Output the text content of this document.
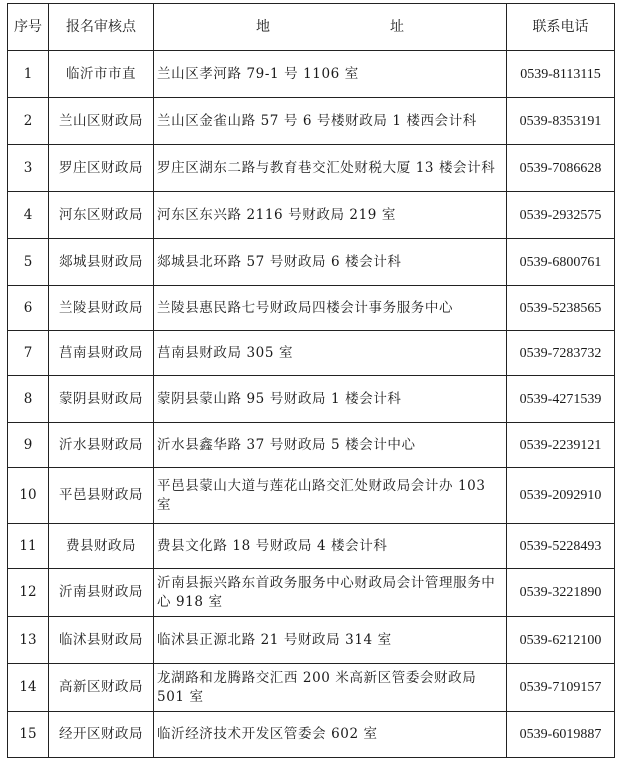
序号	报名审核点	地 址	联系电话
1	临沂市市直	兰山区孝河路 79-1 号 1106 室	0539-8113115
2	兰山区财政局	兰山区金雀山路 57 号 6 号楼财政局 1 楼西会计科	0539-8353191
3	罗庄区财政局	罗庄区湖东二路与教育巷交汇处财税大厦 13 楼会计科	0539-7086628
4	河东区财政局	河东区东兴路 2116 号财政局 219 室	0539-2932575
5	郯城县财政局	郯城县北环路 57 号财政局 6 楼会计科	0539-6800761
6	兰陵县财政局	兰陵县惠民路七号财政局四楼会计事务服务中心	0539-5238565
7	莒南县财政局	莒南县财政局 305 室	0539-7283732
8	蒙阴县财政局	蒙阴县蒙山路 95 号财政局 1 楼会计科	0539-4271539
9	沂水县财政局	沂水县鑫华路 37 号财政局 5 楼会计中心	0539-2239121
10	平邑县财政局	平邑县蒙山大道与莲花山路交汇处财政局会计办 103 室	0539-2092910
11	费县财政局	费县文化路 18 号财政局 4 楼会计科	0539-5228493
12	沂南县财政局	沂南县振兴路东首政务服务中心财政局会计管理服务中心 918 室	0539-3221890
13	临沭县财政局	临沭县正源北路 21 号财政局 314 室	0539-6212100
14	高新区财政局	龙湖路和龙腾路交汇西 200 米高新区管委会财政局 501 室	0539-7109157
15	经开区财政局	临沂经济技术开发区管委会 602 室	0539-6019887
